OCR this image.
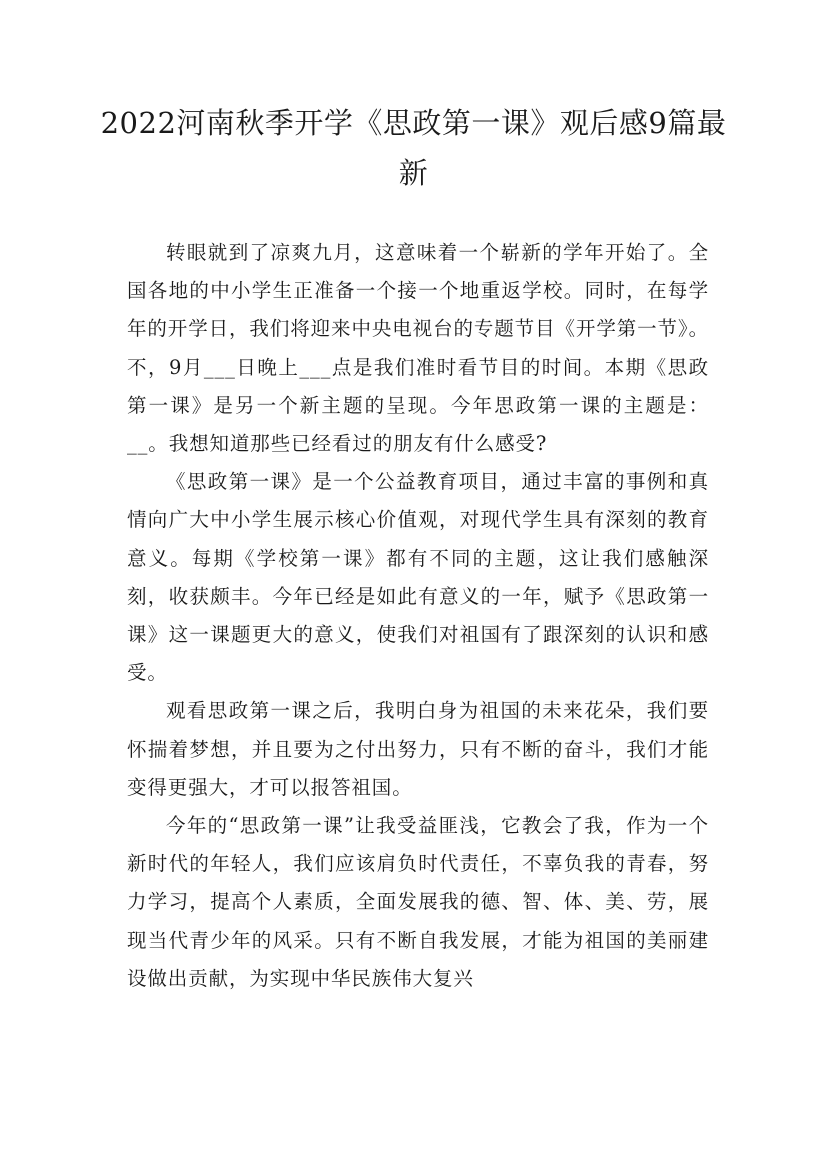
2022河南秋季开学《思政第一课》观后感9篇最新

转眼就到了凉爽九月，这意味着一个崭新的学年开始了。全国各地的中小学生正准备一个接一个地重返学校。同时，在每学年的开学日，我们将迎来中央电视台的专题节目《开学第一节》。不，9月___日晚上___点是我们准时看节目的时间。本期《思政第一课》是另一个新主题的呈现。今年思政第一课的主题是：__。我想知道那些已经看过的朋友有什么感受?

《思政第一课》是一个公益教育项目，通过丰富的事例和真情向广大中小学生展示核心价值观，对现代学生具有深刻的教育意义。每期《学校第一课》都有不同的主题，这让我们感触深刻，收获颇丰。今年已经是如此有意义的一年，赋予《思政第一课》这一课题更大的意义，使我们对祖国有了跟深刻的认识和感受。

观看思政第一课之后，我明白身为祖国的未来花朵，我们要怀揣着梦想，并且要为之付出努力，只有不断的奋斗，我们才能变得更强大，才可以报答祖国。

今年的“思政第一课”让我受益匪浅，它教会了我，作为一个新时代的年轻人，我们应该肩负时代责任，不辜负我的青春，努力学习，提高个人素质，全面发展我的德、智、体、美、劳，展现当代青少年的风采。只有不断自我发展，才能为祖国的美丽建设做出贡献，为实现中华民族伟大复兴
